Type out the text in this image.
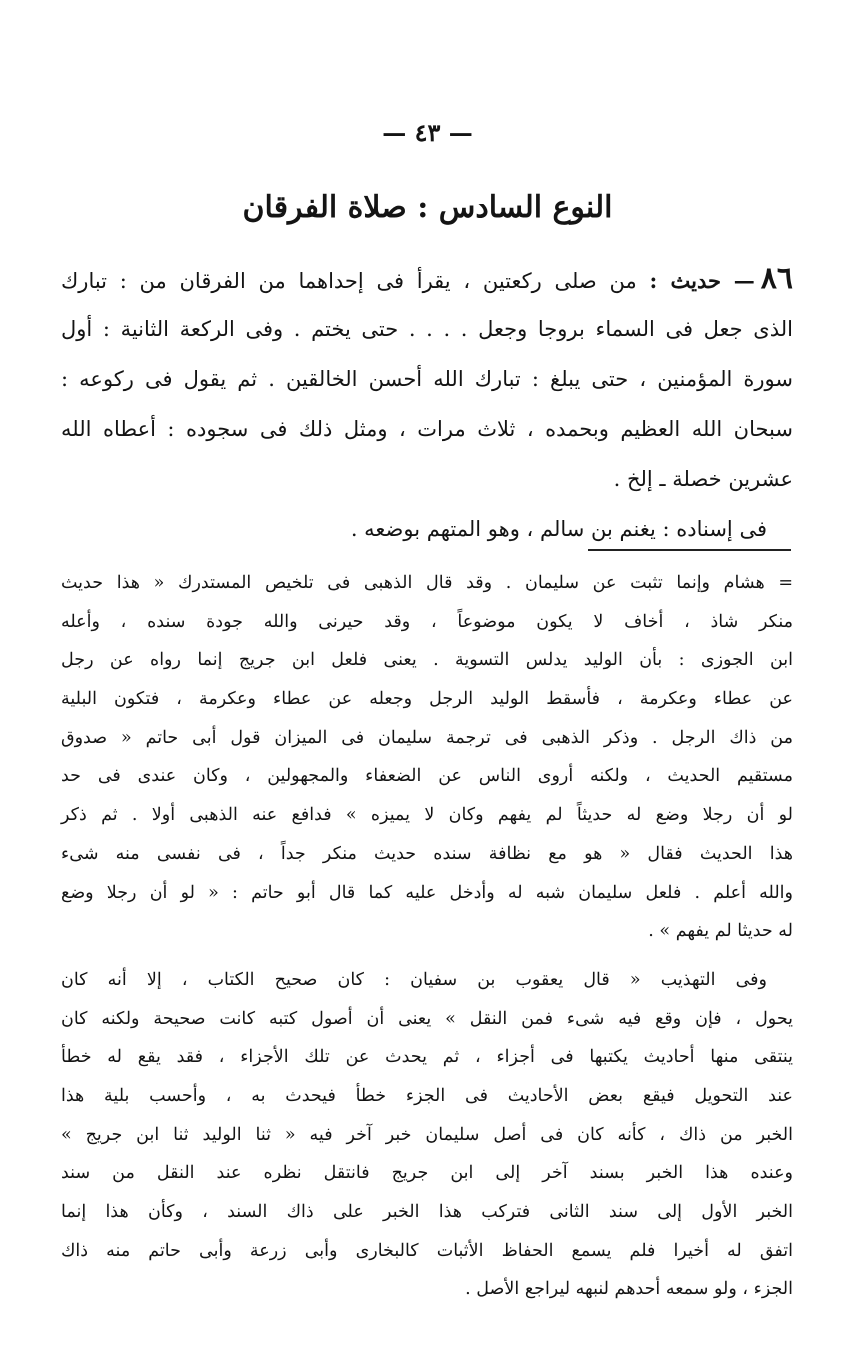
— ٤٣ —
النوع السادس : صلاة الفرقان
٨٦— حديث : من صلى ركعتين ، يقرأ فى إحداهما من الفرقان من : تبارك
الذى جعل فى السماء بروجا وجعل . . . . حتى يختم . وفى الركعة الثانية : أول
سورة المؤمنين ، حتى يبلغ : تبارك الله أحسن الخالقين . ثم يقول فى ركوعه :
سبحان الله العظيم وبحمده ، ثلاث مرات ، ومثل ذلك فى سجوده : أعطاه الله
عشرين خصلة ـ إلخ .
فى إسناده : يغنم بن سالم ، وهو المتهم بوضعه .
= هشام وإنما تثبت عن سليمان . وقد قال الذهبى فى تلخيص المستدرك « هذا حديث
منكر شاذ ، أخاف لا يكون موضوعاً ، وقد حيرنى والله جودة سنده ، وأعله
ابن الجوزى : بأن الوليد يدلس التسوية . يعنى فلعل ابن جريج إنما رواه عن رجل
عن عطاء وعكرمة ، فأسقط الوليد الرجل وجعله عن عطاء وعكرمة ، فتكون البلية
من ذاك الرجل . وذكر الذهبى فى ترجمة سليمان فى الميزان قول أبى حاتم « صدوق
مستقيم الحديث ، ولكنه أروى الناس عن الضعفاء والمجهولين ، وكان عندى فى حد
لو أن رجلا وضع له حديثاً لم يفهم وكان لا يميزه » فدافع عنه الذهبى أولا . ثم ذكر
هذا الحديث فقال « هو مع نظافة سنده حديث منكر جداً ، فى نفسى منه شىء
والله أعلم . فلعل سليمان شبه له وأدخل عليه كما قال أبو حاتم : « لو أن رجلا وضع
له حديثا لم يفهم » .
وفى التهذيب « قال يعقوب بن سفيان : كان صحيح الكتاب ، إلا أنه كان
يحول ، فإن وقع فيه شىء فمن النقل » يعنى أن أصول كتبه كانت صحيحة ولكنه كان
ينتقى منها أحاديث يكتبها فى أجزاء ، ثم يحدث عن تلك الأجزاء ، فقد يقع له خطأ
عند التحويل فيقع بعض الأحاديث فى الجزء خطأ فيحدث به ، وأحسب بلية هذا
الخبر من ذاك ، كأنه كان فى أصل سليمان خبر آخر فيه « ثنا الوليد ثنا ابن جريج »
وعنده هذا الخبر بسند آخر إلى ابن جريج فانتقل نظره عند النقل من سند
الخبر الأول إلى سند الثانى فتركب هذا الخبر على ذاك السند ، وكأن هذا إنما
اتفق له أخيرا فلم يسمع الحفاظ الأثبات كالبخارى وأبى زرعة وأبى حاتم منه ذاك
الجزء ، ولو سمعه أحدهم لنبهه ليراجع الأصل .
